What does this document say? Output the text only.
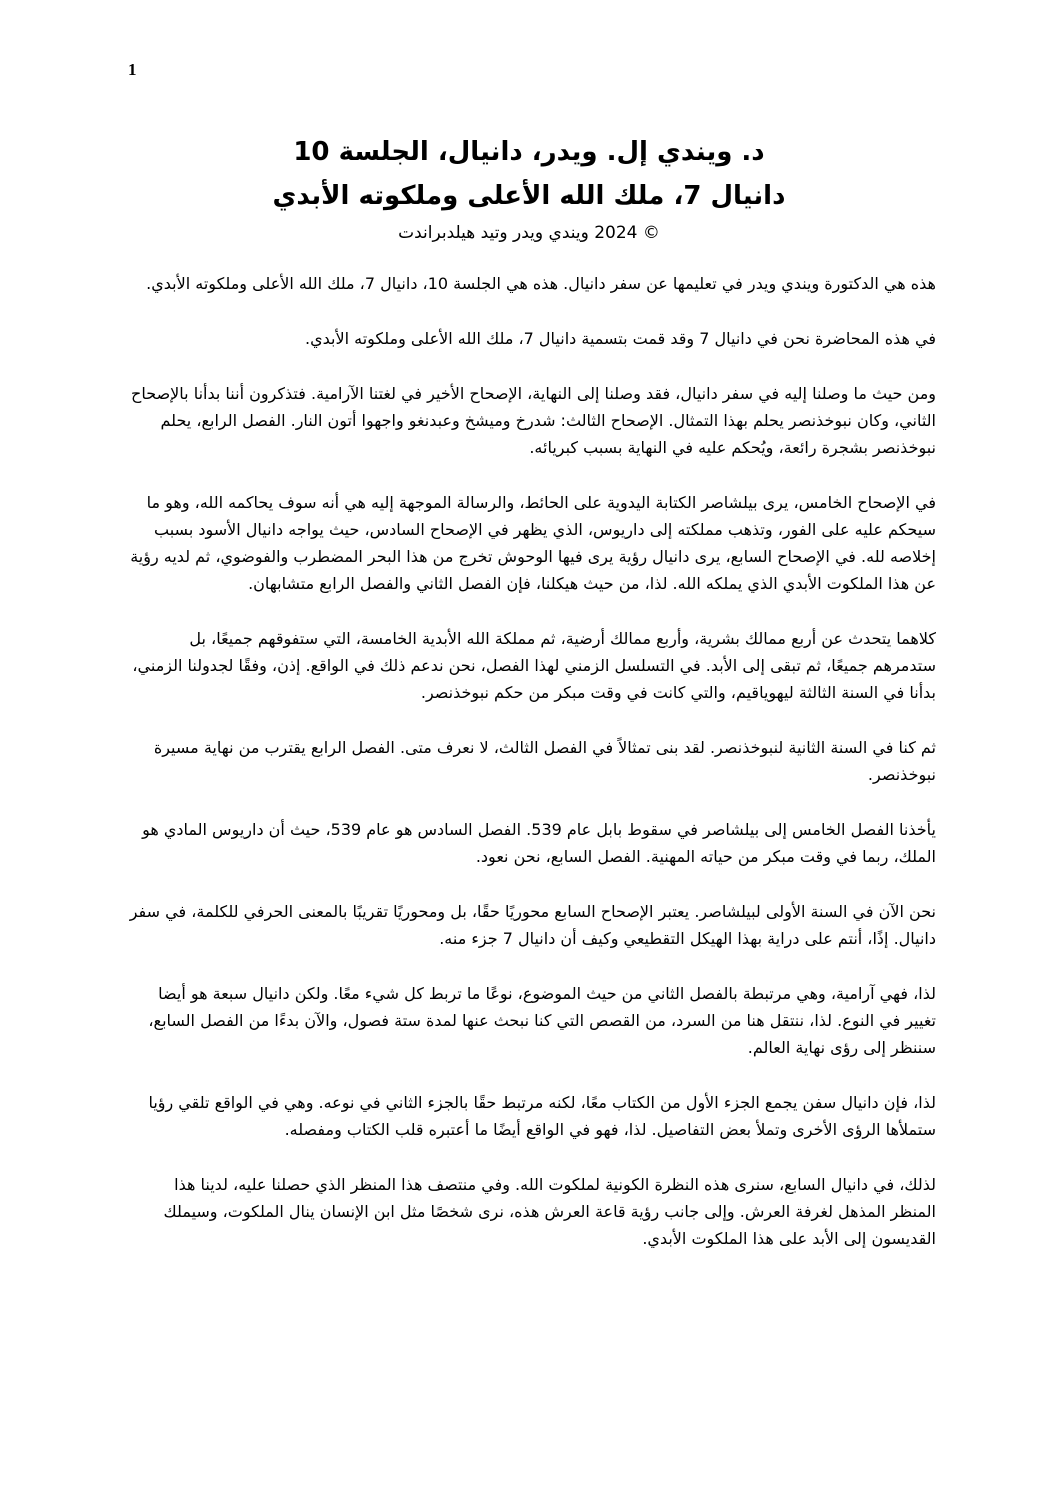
1

د. ويندي إل. ويدر، دانيال، الجلسة 10

دانيال 7، ملك الله الأعلى وملكوته الأبدي

© 2024 ويندي ويدر وتيد هيلدبراندت

هذه هي الدكتورة ويندي ويدر في تعليمها عن سفر دانيال. هذه هي الجلسة 10، دانيال 7، ملك الله الأعلى وملكوته الأبدي.

في هذه المحاضرة نحن في دانيال 7 وقد قمت بتسمية دانيال 7، ملك الله الأعلى وملكوته الأبدي.

ومن حيث ما وصلنا إليه في سفر دانيال، فقد وصلنا إلى النهاية، الإصحاح الأخير في لغتنا الآرامية. فتذكرون أننا بدأنا بالإصحاح الثاني، وكان نبوخذنصر يحلم بهذا التمثال. الإصحاح الثالث: شدرخ وميشخ وعبدنغو واجهوا أتون النار. الفصل الرابع، يحلم نبوخذنصر بشجرة رائعة، ويُحكم عليه في النهاية بسبب كبريائه.

في الإصحاح الخامس، يرى بيلشاصر الكتابة اليدوية على الحائط، والرسالة الموجهة إليه هي أنه سوف يحاكمه الله، وهو ما سيحكم عليه على الفور، وتذهب مملكته إلى داريوس، الذي يظهر في الإصحاح السادس، حيث يواجه دانيال الأسود بسبب إخلاصه لله. في الإصحاح السابع، يرى دانيال رؤية يرى فيها الوحوش تخرج من هذا البحر المضطرب والفوضوي، ثم لديه رؤية عن هذا الملكوت الأبدي الذي يملكه الله. لذا، من حيث هيكلنا، فإن الفصل الثاني والفصل الرابع متشابهان.

كلاهما يتحدث عن أربع ممالك بشرية، وأربع ممالك أرضية، ثم مملكة الله الأبدية الخامسة، التي ستفوقهم جميعًا، بل ستدمرهم جميعًا، ثم تبقى إلى الأبد. في التسلسل الزمني لهذا الفصل، نحن ندعم ذلك في الواقع. إذن، وفقًا لجدولنا الزمني، بدأنا في السنة الثالثة ليهوياقيم، والتي كانت في وقت مبكر من حكم نبوخذنصر.

ثم كنا في السنة الثانية لنبوخذنصر. لقد بنى تمثالاً في الفصل الثالث، لا نعرف متى. الفصل الرابع يقترب من نهاية مسيرة نبوخذنصر.

يأخذنا الفصل الخامس إلى بيلشاصر في سقوط بابل عام 539. الفصل السادس هو عام 539، حيث أن داريوس المادي هو الملك، ربما في وقت مبكر من حياته المهنية. الفصل السابع، نحن نعود.

نحن الآن في السنة الأولى لبيلشاصر. يعتبر الإصحاح السابع محوريًا حقًا، بل ومحوريًا تقريبًا بالمعنى الحرفي للكلمة، في سفر دانيال. إذًا، أنتم على دراية بهذا الهيكل التقطيعي وكيف أن دانيال 7 جزء منه.

لذا، فهي آرامية، وهي مرتبطة بالفصل الثاني من حيث الموضوع، نوعًا ما تربط كل شيء معًا. ولكن دانيال سبعة هو أيضا تغيير في النوع. لذا، ننتقل هنا من السرد، من القصص التي كنا نبحث عنها لمدة ستة فصول، والآن بدءًا من الفصل السابع، سننظر إلى رؤى نهاية العالم.

لذا، فإن دانيال سفن يجمع الجزء الأول من الكتاب معًا، لكنه مرتبط حقًا بالجزء الثاني في نوعه. وهي في الواقع تلقي رؤيا ستملأها الرؤى الأخرى وتملأ بعض التفاصيل. لذا، فهو في الواقع أيضًا ما أعتبره قلب الكتاب ومفصله.

لذلك، في دانيال السابع، سنرى هذه النظرة الكونية لملكوت الله. وفي منتصف هذا المنظر الذي حصلنا عليه، لدينا هذا المنظر المذهل لغرفة العرش. وإلى جانب رؤية قاعة العرش هذه، نرى شخصًا مثل ابن الإنسان ينال الملكوت، وسيملك القديسون إلى الأبد على هذا الملكوت الأبدي.
